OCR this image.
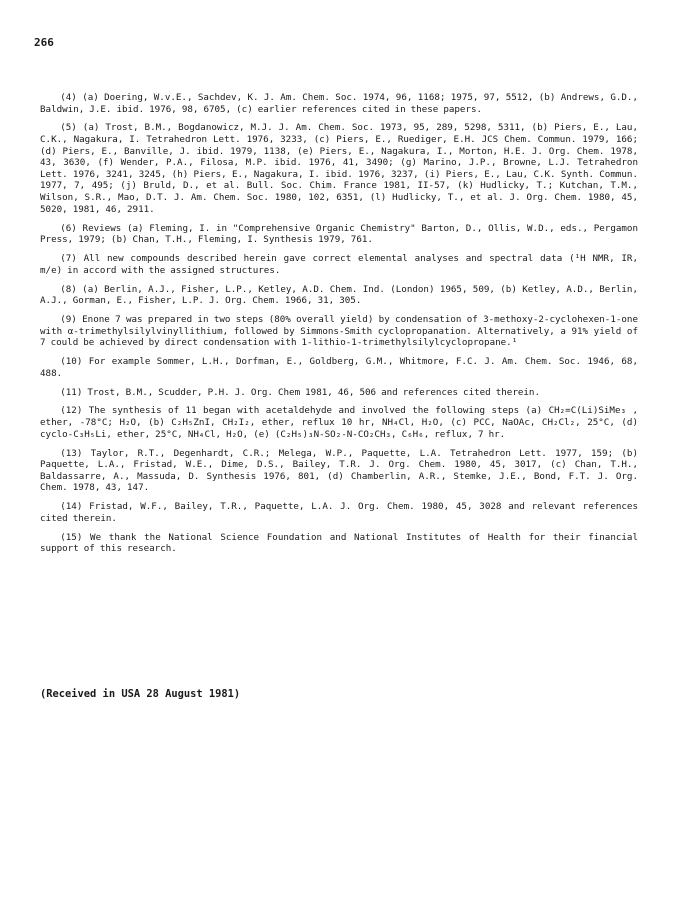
266

(4) (a) Doering, W.v.E., Sachdev, K. J. Am. Chem. Soc. 1974, 96, 1168; 1975, 97, 5512, (b) Andrews, G.D., Baldwin, J.E. ibid. 1976, 98, 6705, (c) earlier references cited in these papers.

(5) (a) Trost, B.M., Bogdanowicz, M.J. J. Am. Chem. Soc. 1973, 95, 289, 5298, 5311, (b) Piers, E., Lau, C.K., Nagakura, I. Tetrahedron Lett. 1976, 3233, (c) Piers, E., Ruediger, E.H. JCS Chem. Commun. 1979, 166; (d) Piers, E., Banville, J. ibid. 1979, 1138, (e) Piers, E., Nagakura, I., Morton, H.E. J. Org. Chem. 1978, 43, 3630, (f) Wender, P.A., Filosa, M.P. ibid. 1976, 41, 3490; (g) Marino, J.P., Browne, L.J. Tetrahedron Lett. 1976, 3241, 3245, (h) Piers, E., Nagakura, I. ibid. 1976, 3237, (i) Piers, E., Lau, C.K. Synth. Commun. 1977, 7, 495; (j) Bruld, D., et al. Bull. Soc. Chim. France 1981, II-57, (k) Hudlicky, T.; Kutchan, T.M., Wilson, S.R., Mao, D.T. J. Am. Chem. Soc. 1980, 102, 6351, (l) Hudlicky, T., et al. J. Org. Chem. 1980, 45, 5020, 1981, 46, 2911.

(6) Reviews (a) Fleming, I. in "Comprehensive Organic Chemistry" Barton, D., Ollis, W.D., eds., Pergamon Press, 1979; (b) Chan, T.H., Fleming, I. Synthesis 1979, 761.

(7) All new compounds described herein gave correct elemental analyses and spectral data (¹H NMR, IR, m/e) in accord with the assigned structures.

(8) (a) Berlin, A.J., Fisher, L.P., Ketley, A.D. Chem. Ind. (London) 1965, 509, (b) Ketley, A.D., Berlin, A.J., Gorman, E., Fisher, L.P. J. Org. Chem. 1966, 31, 305.

(9) Enone 7 was prepared in two steps (80% overall yield) by condensation of 3-methoxy-2-cyclohexen-1-one with α-trimethylsilylvinyllithium, followed by Simmons-Smith cyclopropanation. Alternatively, a 91% yield of 7 could be achieved by direct condensation with 1-lithio-1-trimethylsilylcyclopropane.¹

(10) For example Sommer, L.H., Dorfman, E., Goldberg, G.M., Whitmore, F.C. J. Am. Chem. Soc. 1946, 68, 488.

(11) Trost, B.M., Scudder, P.H. J. Org. Chem 1981, 46, 506 and references cited therein.

(12) The synthesis of 11 began with acetaldehyde and involved the following steps (a) CH₂=C(Li)SiMe₃ , ether, -78°C; H₂O, (b) C₂H₅ZnI, CH₂I₂, ether, reflux 10 hr, NH₄Cl, H₂O, (c) PCC, NaOAc, CH₂Cl₂, 25°C, (d) cyclo-C₃H₅Li, ether, 25°C, NH₄Cl, H₂O, (e) (C₂H₅)₃N-SO₂-N-CO₂CH₃, C₆H₆, reflux, 7 hr.

(13) Taylor, R.T., Degenhardt, C.R.; Melega, W.P., Paquette, L.A. Tetrahedron Lett. 1977, 159; (b) Paquette, L.A., Fristad, W.E., Dime, D.S., Bailey, T.R. J. Org. Chem. 1980, 45, 3017, (c) Chan, T.H., Baldassarre, A., Massuda, D. Synthesis 1976, 801, (d) Chamberlin, A.R., Stemke, J.E., Bond, F.T. J. Org. Chem. 1978, 43, 147.

(14) Fristad, W.F., Bailey, T.R., Paquette, L.A. J. Org. Chem. 1980, 45, 3028 and relevant references cited therein.

(15) We thank the National Science Foundation and National Institutes of Health for their financial support of this research.

(Received in USA 28 August 1981)
